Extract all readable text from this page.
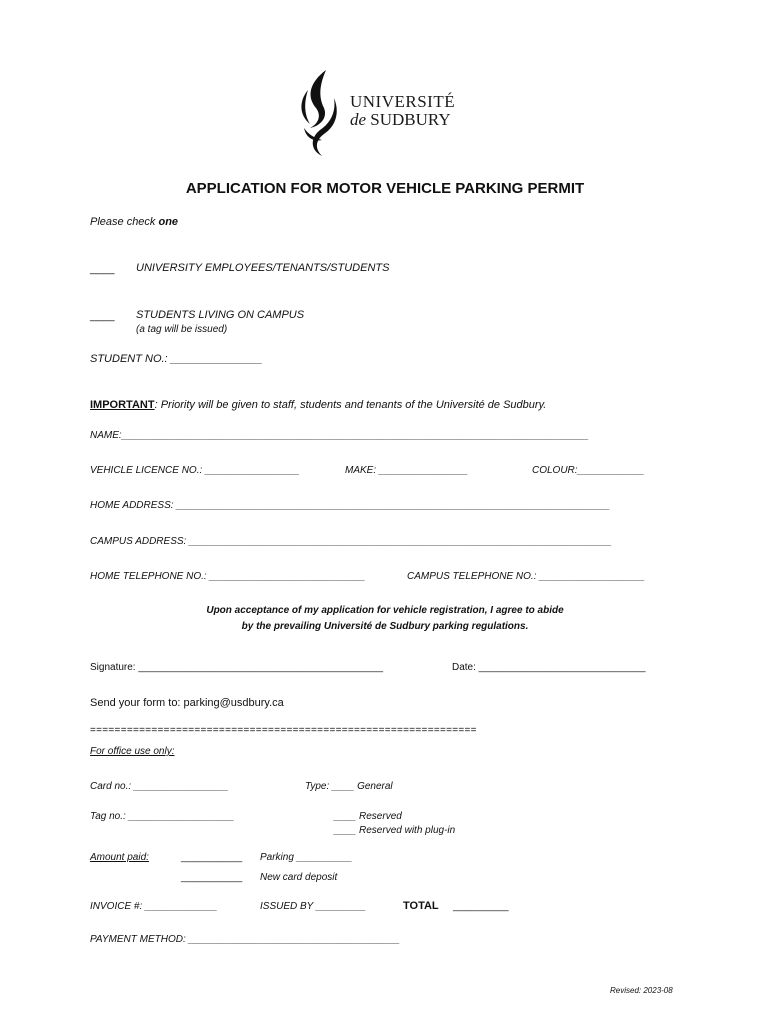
UNIVERSITÉ
de SUDBURY
APPLICATION FOR MOTOR VEHICLE PARKING PERMIT
Please check one
____ UNIVERSITY EMPLOYEES/TENANTS/STUDENTS
____ STUDENTS LIVING ON CAMPUS
(a tag will be issued)
STUDENT NO.: _______________
IMPORTANT: Priority will be given to staff, students and tenants of the Université de Sudbury.
NAME:____________________________________________________________________________________
VEHICLE LICENCE NO.: _________________	MAKE: ________________	COLOUR:____________
HOME ADDRESS: ______________________________________________________________________________
CAMPUS ADDRESS: ____________________________________________________________________________
HOME TELEPHONE NO.: ____________________________	CAMPUS TELEPHONE NO.: ___________________
Upon acceptance of my application for vehicle registration, I agree to abide
by the prevailing Université de Sudbury parking regulations.
Signature: ____________________________________________	Date: ______________________________
Send your form to: parking@usdbury.ca
===============================================================
For office use only:
Card no.: _________________	Type: ____ General
Tag no.: ___________________	____ Reserved
____ Reserved with plug-in
Amount paid:	___________ Parking __________
___________ New card deposit
INVOICE #: _____________	ISSUED BY _________	TOTAL __________
PAYMENT METHOD: ______________________________________
Revised: 2023-08
